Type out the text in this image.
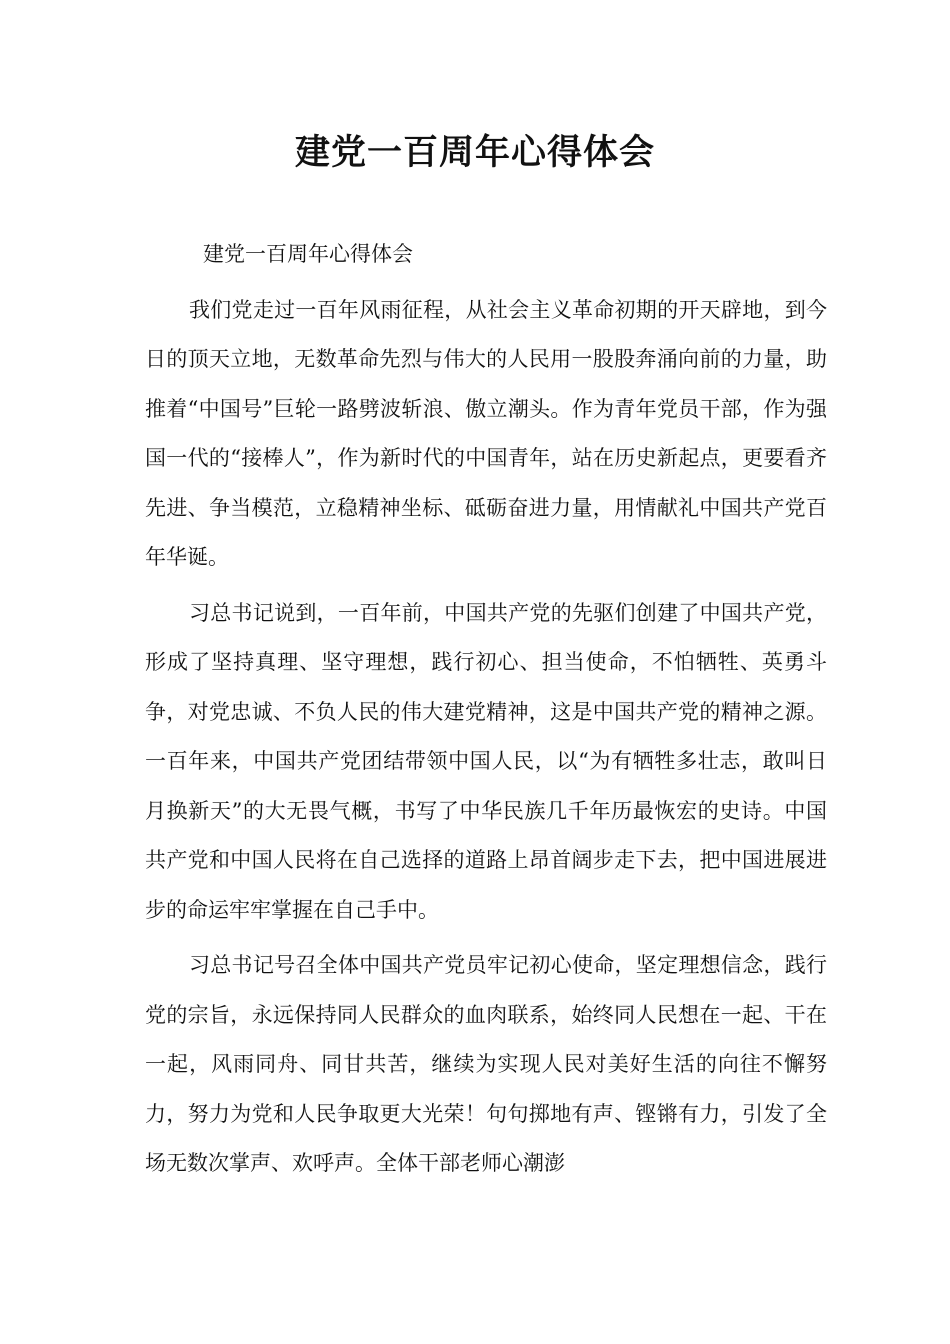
建党一百周年心得体会

建党一百周年心得体会

我们党走过一百年风雨征程，从社会主义革命初期的开天辟地，到今日的顶天立地，无数革命先烈与伟大的人民用一股股奔涌向前的力量，助推着“中国号”巨轮一路劈波斩浪、傲立潮头。作为青年党员干部，作为强国一代的“接棒人”，作为新时代的中国青年，站在历史新起点，更要看齐先进、争当模范，立稳精神坐标、砥砺奋进力量，用情献礼中国共产党百年华诞。

习总书记说到，一百年前，中国共产党的先驱们创建了中国共产党，形成了坚持真理、坚守理想，践行初心、担当使命，不怕牺牲、英勇斗争，对党忠诚、不负人民的伟大建党精神，这是中国共产党的精神之源。一百年来，中国共产党团结带领中国人民，以“为有牺牲多壮志，敢叫日月换新天”的大无畏气概，书写了中华民族几千年历最恢宏的史诗。中国共产党和中国人民将在自己选择的道路上昂首阔步走下去，把中国进展进步的命运牢牢掌握在自己手中。

习总书记号召全体中国共产党员牢记初心使命，坚定理想信念，践行党的宗旨，永远保持同人民群众的血肉联系，始终同人民想在一起、干在一起，风雨同舟、同甘共苦，继续为实现人民对美好生活的向往不懈努力，努力为党和人民争取更大光荣！句句掷地有声、铿锵有力，引发了全场无数次掌声、欢呼声。全体干部老师心潮澎
